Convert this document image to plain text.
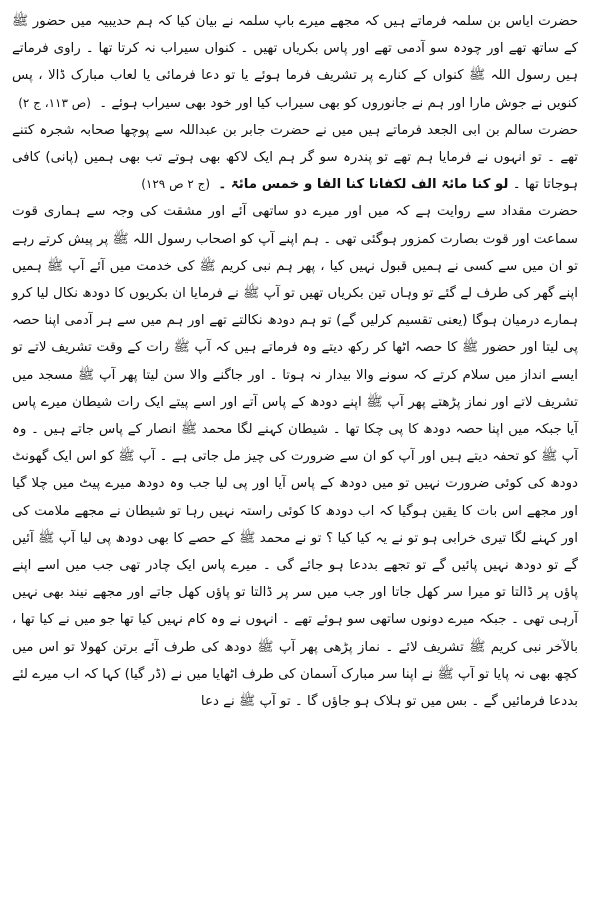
حضرت ایاس بن سلمہ فرماتے ہیں کہ مجھے میرے باپ سلمہ نے بیان کیا کہ ہم حدیبیہ میں حضور ﷺ کے ساتھ تھے اور چودہ سو آدمی تھے اور پاس بکریاں تھیں ۔ کنواں سیراب نہ کرتا تھا ۔ راوی فرماتے ہیں رسول اللہ ﷺ کنواں کے کنارے پر تشریف فرما ہوئے یا تو دعا فرمائی یا لعاب مبارک ڈالا ، پس کنویں نے جوش مارا اور ہم نے جانوروں کو بھی سیراب کیا اور خود بھی سیراب ہوئے ۔ (ص ۱۱۳، ج ۲)

حضرت سالم بن ابی الجعد فرماتے ہیں میں نے حضرت جابر بن عبداللہ سے پوچھا صحابہ شجرہ کتنے تھے ۔ تو انہوں نے فرمایا ہم تھے تو پندرہ سو گر ہم ایک لاکھ بھی ہوتے تب بھی ہمیں (پانی) کافی ہوجاتا تھا ۔ لو کنا مائۃ الف لکفانا کنا الفا و خمس مائۃ ۔ (ج ۲ ص ۱۲۹)

حضرت مقداد سے روایت ہے کہ میں اور میرے دو ساتھی آئے اور مشقت کی وجہ سے ہماری قوت سماعت اور قوت بصارت کمزور ہوگئی تھی ۔ ہم اپنے آپ کو اصحاب رسول اللہ ﷺ پر پیش کرتے رہے تو ان میں سے کسی نے ہمیں قبول نہیں کیا ، پھر ہم نبی کریم ﷺ کی خدمت میں آئے آپ ﷺ ہمیں اپنے گھر کی طرف لے گئے تو وہاں تین بکریاں تھیں تو آپ ﷺ نے فرمایا ان بکریوں کا دودھ نکال لیا کرو ہمارے درمیان ہوگا (یعنی تقسیم کرلیں گے) تو ہم دودھ نکالتے تھے اور ہم میں سے ہر آدمی اپنا حصہ پی لیتا اور حضور ﷺ کا حصہ اٹھا کر رکھ دیتے وہ فرماتے ہیں کہ آپ ﷺ رات کے وقت تشریف لاتے تو ایسے انداز میں سلام کرتے کہ سونے والا بیدار نہ ہوتا ۔ اور جاگنے والا سن لیتا پھر آپ ﷺ مسجد میں تشریف لاتے اور نماز پڑھتے پھر آپ ﷺ اپنے دودھ کے پاس آتے اور اسے پیتے ایک رات شیطان میرے پاس آیا جبکہ میں اپنا حصہ دودھ کا پی چکا تھا ۔ شیطان کہنے لگا محمد ﷺ انصار کے پاس جاتے ہیں ۔ وہ آپ ﷺ کو تحفہ دیتے ہیں اور آپ کو ان سے ضرورت کی چیز مل جاتی ہے ۔ آپ ﷺ کو اس ایک گھونٹ دودھ کی کوئی ضرورت نہیں تو میں دودھ کے پاس آیا اور پی لیا جب وہ دودھ میرے پیٹ میں چلا گیا اور مجھے اس بات کا یقین ہوگیا کہ اب دودھ کا کوئی راستہ نہیں رہا تو شیطان نے مجھے ملامت کی اور کہنے لگا تیری خرابی ہو تو نے یہ کیا کیا ؟ تو نے محمد ﷺ کے حصے کا بھی دودھ پی لیا آپ ﷺ آئیں گے تو دودھ نہیں پائیں گے تو تجھے بددعا ہو جائے گی ۔ میرے پاس ایک چادر تھی جب میں اسے اپنے پاؤں پر ڈالتا تو میرا سر کھل جاتا اور جب میں سر پر ڈالتا تو پاؤں کھل جاتے اور مجھے نیند بھی نہیں آرہی تھی ۔ جبکہ میرے دونوں ساتھی سو ہوئے تھے ۔ انہوں نے وہ کام نہیں کیا تھا جو میں نے کیا تھا ، بالآخر نبی کریم ﷺ تشریف لائے ۔ نماز پڑھی پھر آپ ﷺ دودھ کی طرف آئے برتن کھولا تو اس میں کچھ بھی نہ پایا تو آپ ﷺ نے اپنا سر مبارک آسمان کی طرف اٹھایا میں نے (ڈر گیا) کہا کہ اب میرے لئے بددعا فرمائیں گے ۔ بس میں تو ہلاک ہو جاؤں گا ۔ تو آپ ﷺ نے دعا
